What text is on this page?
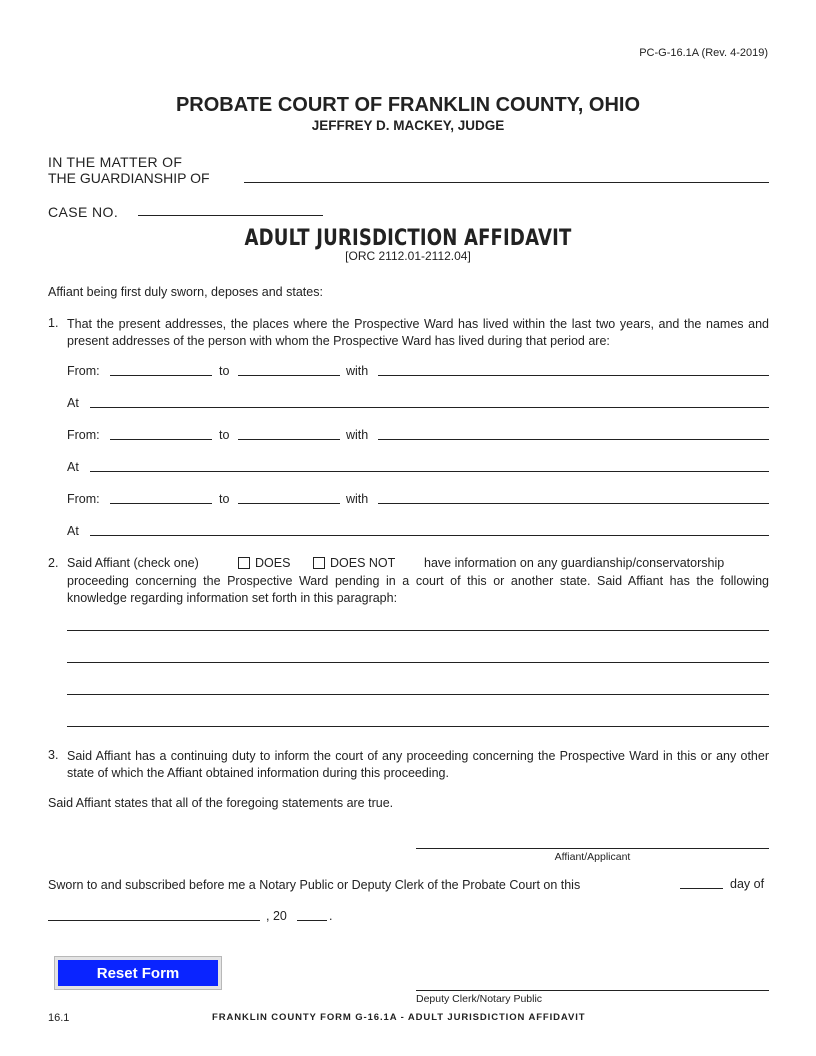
PC-G-16.1A (Rev. 4-2019)
PROBATE COURT OF FRANKLIN COUNTY, OHIO
JEFFREY D. MACKEY, JUDGE
IN THE MATTER OF
THE GUARDIANSHIP OF
CASE NO.
ADULT JURISDICTION AFFIDAVIT
[ORC 2112.01-2112.04]
Affiant being first duly sworn, deposes and states:
1. That the present addresses, the places where the Prospective Ward has lived within the last two years, and the names and present addresses of the person with whom the Prospective Ward has lived during that period are:
From:	to	with
At
From:	to	with
At
From:	to	with
At
2. Said Affiant (check one)	DOES	DOES NOT have information on any guardianship/conservatorship
proceeding concerning the Prospective Ward pending in a court of this or another state. Said Affiant has the following knowledge regarding information set forth in this paragraph:
3. Said Affiant has a continuing duty to inform the court of any proceeding concerning the Prospective Ward in this or any other state of which the Affiant obtained information during this proceeding.
Said Affiant states that all of the foregoing statements are true.
Affiant/Applicant
Sworn to and subscribed before me a Notary Public or Deputy Clerk of the Probate Court on this	day of
, 20	.
Reset Form
Deputy Clerk/Notary Public
16.1	FRANKLIN COUNTY FORM G-16.1A - ADULT JURISDICTION AFFIDAVIT
